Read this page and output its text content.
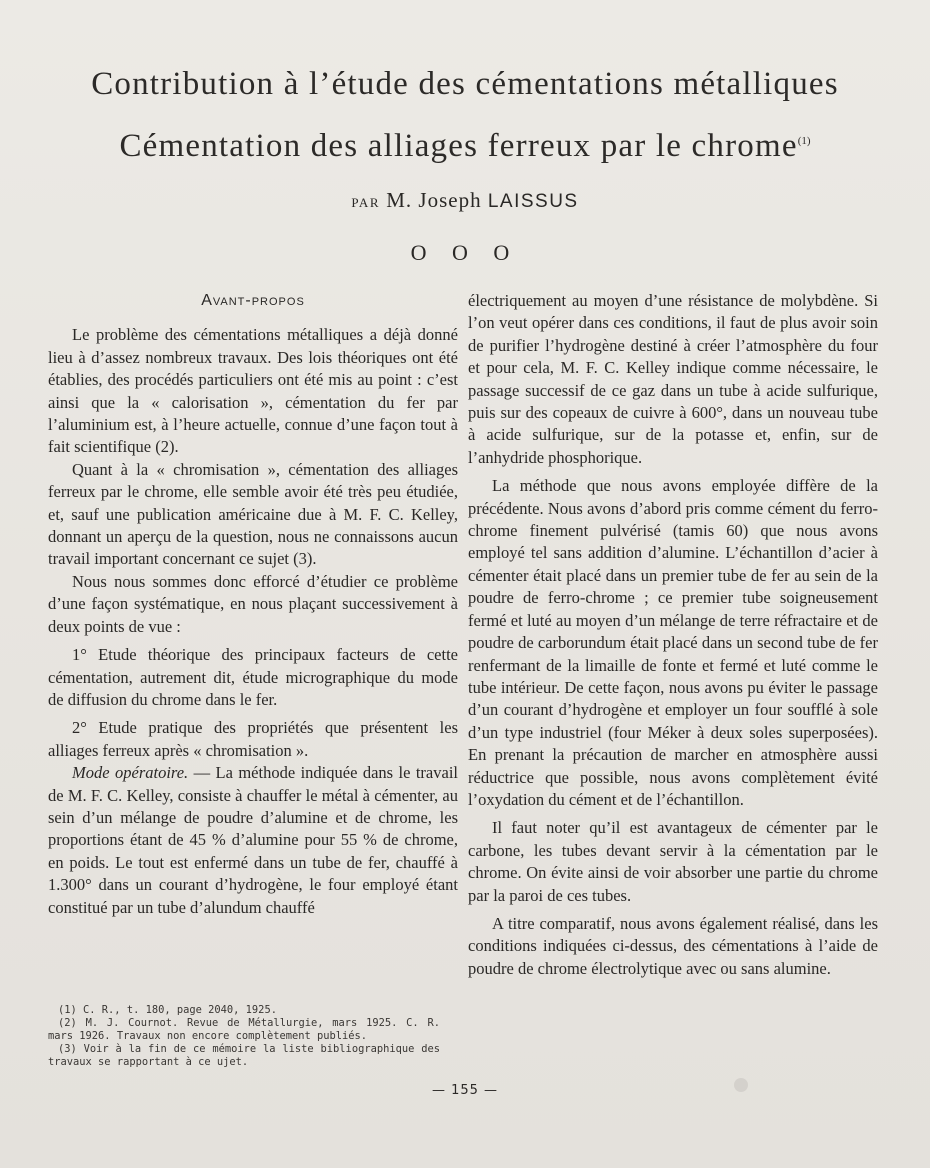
Contribution à l’étude des cémentations métalliques
Cémentation des alliages ferreux par le chrome$^{(1)}$
PAR M. Joseph LAISSUS
O O O
Avant-propos

Le problème des cémentations métalliques a déjà donné lieu à d’assez nombreux travaux. Des lois théoriques ont été établies, des procédés particuliers ont été mis au point : c’est ainsi que la « calorisation », cémentation du fer par l’aluminium est, à l’heure actuelle, connue d’une façon tout à fait scientifique (2).

Quant à la « chromisation », cémentation des alliages ferreux par le chrome, elle semble avoir été très peu étudiée, et, sauf une publication américaine due à M. F. C. Kelley, donnant un aperçu de la question, nous ne connaissons aucun travail important concernant ce sujet (3).

Nous nous sommes donc efforcé d’étudier ce problème d’une façon systématique, en nous plaçant successivement à deux points de vue :

1° Etude théorique des principaux facteurs de cette cémentation, autrement dit, étude micrographique du mode de diffusion du chrome dans le fer.

2° Etude pratique des propriétés que présentent les alliages ferreux après « chromisation ».

Mode opératoire. — La méthode indiquée dans le travail de M. F. C. Kelley, consiste à chauffer le métal à cémenter, au sein d’un mélange de poudre d’alumine et de chrome, les proportions étant de 45 % d’alumine pour 55 % de chrome, en poids. Le tout est enfermé dans un tube de fer, chauffé à 1.300° dans un courant d’hydrogène, le four employé étant constitué par un tube d’alundum chauffé

électriquement au moyen d’une résistance de molybdène. Si l’on veut opérer dans ces conditions, il faut de plus avoir soin de purifier l’hydrogène destiné à créer l’atmosphère du four et pour cela, M. F. C. Kelley indique comme nécessaire, le passage successif de ce gaz dans un tube à acide sulfurique, puis sur des copeaux de cuivre à 600°, dans un nouveau tube à acide sulfurique, sur de la potasse et, enfin, sur de l’anhydride phosphorique.

La méthode que nous avons employée diffère de la précédente. Nous avons d’abord pris comme cément du ferro-chrome finement pulvérisé (tamis 60) que nous avons employé tel sans addition d’alumine. L’échantillon d’acier à cémenter était placé dans un premier tube de fer au sein de la poudre de ferro-chrome ; ce premier tube soigneusement fermé et luté au moyen d’un mélange de terre réfractaire et de poudre de carborundum était placé dans un second tube de fer renfermant de la limaille de fonte et fermé et luté comme le tube intérieur. De cette façon, nous avons pu éviter le passage d’un courant d’hydrogène et employer un four soufflé à sole d’un type industriel (four Méker à deux soles superposées). En prenant la précaution de marcher en atmosphère aussi réductrice que possible, nous avons complètement évité l’oxydation du cément et de l’échantillon.

Il faut noter qu’il est avantageux de cémenter par le carbone, les tubes devant servir à la cémentation par le chrome. On évite ainsi de voir absorber une partie du chrome par la paroi de ces tubes.

A titre comparatif, nous avons également réalisé, dans les conditions indiquées ci-dessus, des cémentations à l’aide de poudre de chrome électrolytique avec ou sans alumine.

(1) C. R., t. 180, page 2040, 1925.

(2) M. J. Cournot. Revue de Métallurgie, mars 1925. C. R. mars 1926. Travaux non encore complètement publiés.

(3) Voir à la fin de ce mémoire la liste bibliographique des travaux se rapportant à ce ujet.

— 155 —
